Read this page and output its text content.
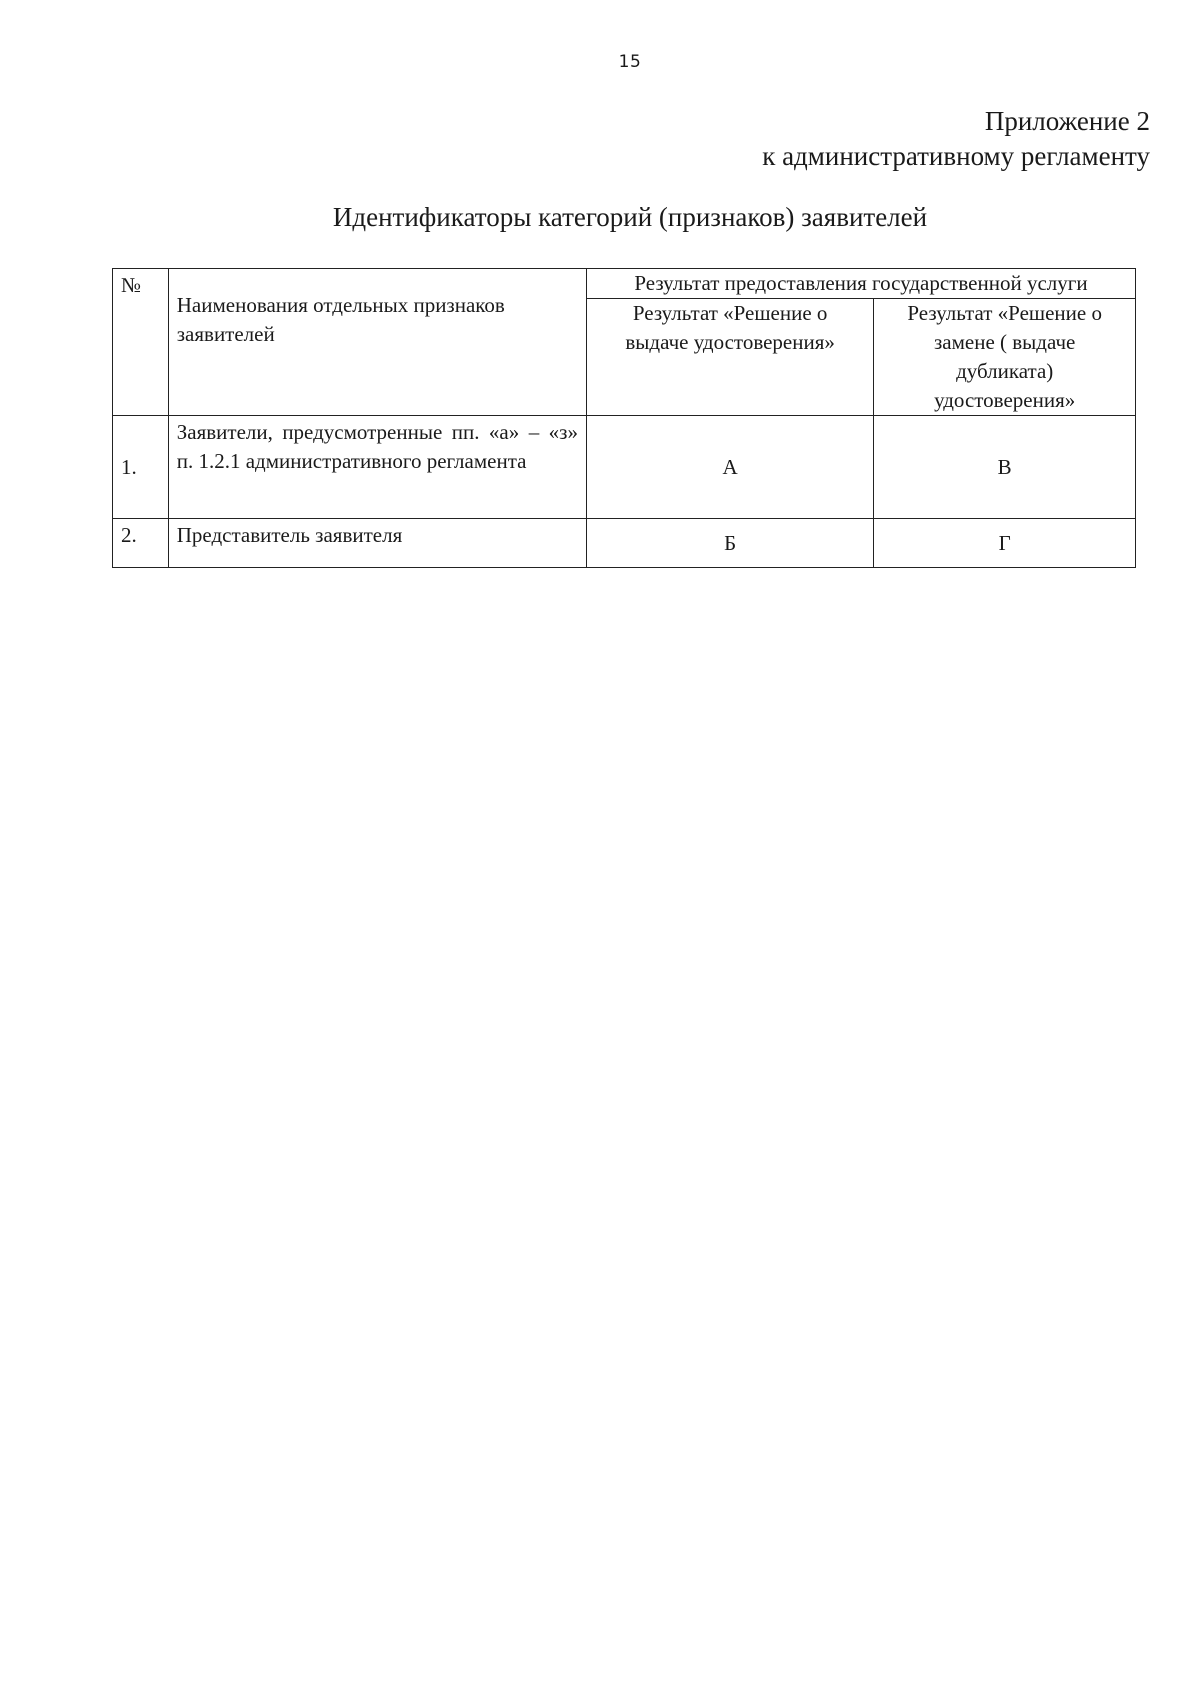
15
Приложение 2
к административному регламенту
Идентификаторы категорий (признаков) заявителей
№	Наименования отдельных признаков заявителей	Результат предоставления государственной услуги	
		Результат «Решение о выдаче удостоверения»	Результат «Решение о замене ( выдаче дубликата) удостоверения»
1.	Заявители, предусмотренные пп. «а» – «з» п. 1.2.1 административного регламента	А	В
2.	Представитель заявителя	Б	Г
